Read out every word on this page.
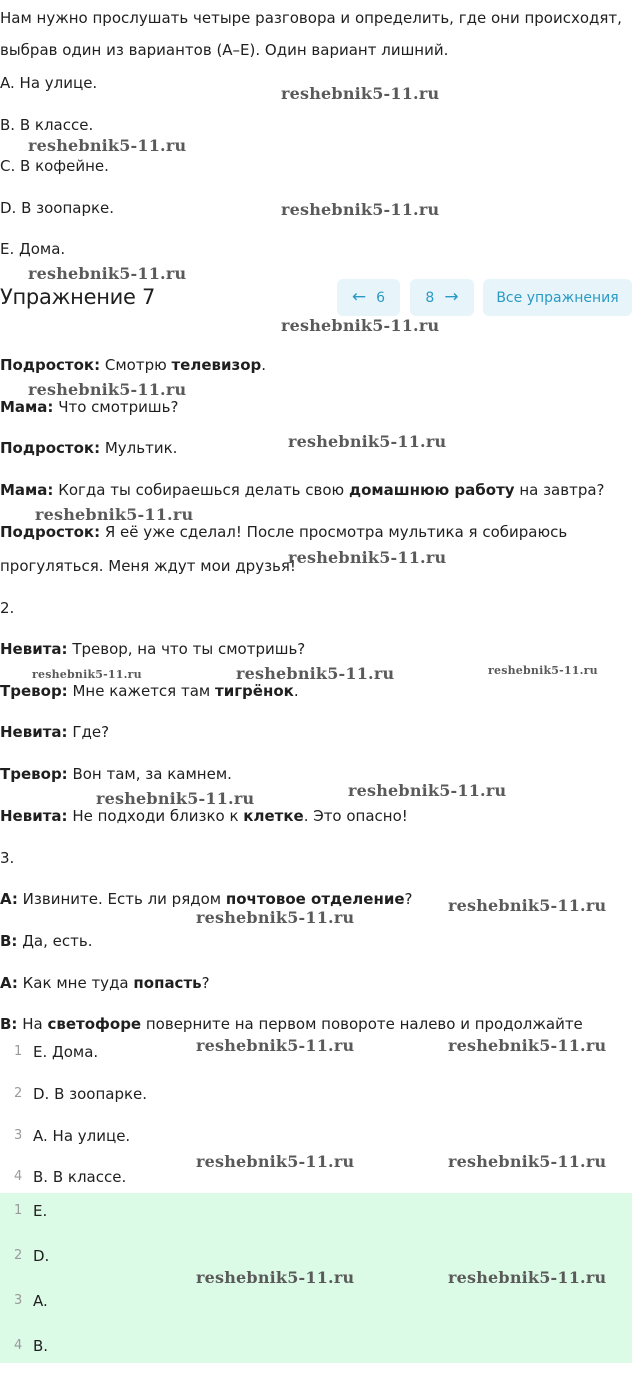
Нам нужно прослушать четыре разговора и определить, где они происходят,
выбрав один из вариантов (A–E). Один вариант лишний.
A. На улице.
B. В классе.
C. В кофейне.
D. В зоопарке.
E. Дома.
Упражнение 7	← 6	8 →	Все упражнения
Подросток: Смотрю телевизор.
Мама: Что смотришь?
Подросток: Мультик.
Мама: Когда ты собираешься делать свою домашнюю работу на завтра?
Подросток: Я её уже сделал! После просмотра мультика я собираюсь
прогуляться. Меня ждут мои друзья!
2.
Невита: Тревор, на что ты смотришь?
Тревор: Мне кажется там тигрёнок.
Невита: Где?
Тревор: Вон там, за камнем.
Невита: Не подходи близко к клетке. Это опасно!
3.
A: Извините. Есть ли рядом почтовое отделение?
B: Да, есть.
A: Как мне туда попасть?
B: На светофоре поверните на первом повороте налево и продолжайте
1 E. Дома.
2 D. В зоопарке.
3 A. На улице.
4 B. В классе.
1 E.
2 D.
3 A.
4 B.
reshebnik5-11.ru
reshebnik5-11.ru
reshebnik5-11.ru
reshebnik5-11.ru
reshebnik5-11.ru
reshebnik5-11.ru
reshebnik5-11.ru
reshebnik5-11.ru
reshebnik5-11.ru
reshebnik5-11.ru	reshebnik5-11.ru	reshebnik5-11.ru
reshebnik5-11.ru	reshebnik5-11.ru
reshebnik5-11.ru
reshebnik5-11.ru
reshebnik5-11.ru	reshebnik5-11.ru
reshebnik5-11.ru	reshebnik5-11.ru
reshebnik5-11.ru	reshebnik5-11.ru
